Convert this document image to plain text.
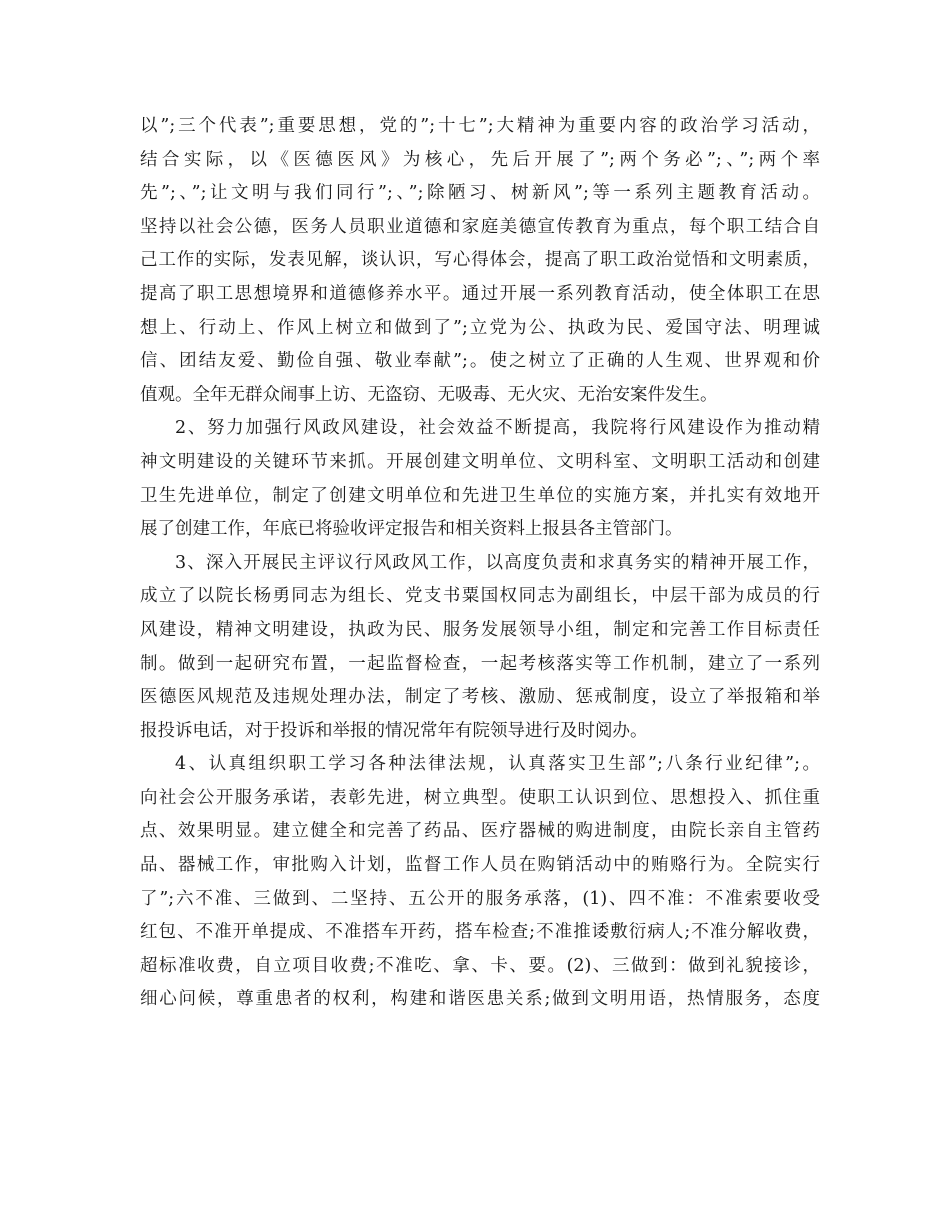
以”;三个代表”;重要思想，党的”;十七”;大精神为重要内容的政治学习活动，
结合实际，以《医德医风》为核心，先后开展了”;两个务必”;、”;两个率
先”;、”;让文明与我们同行”;、”;除陋习、树新风”;等一系列主题教育活动。
坚持以社会公德，医务人员职业道德和家庭美德宣传教育为重点，每个职工结合自
己工作的实际，发表见解，谈认识，写心得体会，提高了职工政治觉悟和文明素质，
提高了职工思想境界和道德修养水平。通过开展一系列教育活动，使全体职工在思
想上、行动上、作风上树立和做到了”;立党为公、执政为民、爱国守法、明理诚
信、团结友爱、勤俭自强、敬业奉献”;。使之树立了正确的人生观、世界观和价
值观。全年无群众闹事上访、无盗窃、无吸毒、无火灾、无治安案件发生。
2、努力加强行风政风建设，社会效益不断提高，我院将行风建设作为推动精
神文明建设的关键环节来抓。开展创建文明单位、文明科室、文明职工活动和创建
卫生先进单位，制定了创建文明单位和先进卫生单位的实施方案，并扎实有效地开
展了创建工作，年底已将验收评定报告和相关资料上报县各主管部门。
3、深入开展民主评议行风政风工作，以高度负责和求真务实的精神开展工作，
成立了以院长杨勇同志为组长、党支书粟国权同志为副组长，中层干部为成员的行
风建设，精神文明建设，执政为民、服务发展领导小组，制定和完善工作目标责任
制。做到一起研究布置，一起监督检查，一起考核落实等工作机制，建立了一系列
医德医风规范及违规处理办法，制定了考核、激励、惩戒制度，设立了举报箱和举
报投诉电话，对于投诉和举报的情况常年有院领导进行及时阅办。
4、认真组织职工学习各种法律法规，认真落实卫生部”;八条行业纪律”;。
向社会公开服务承诺，表彰先进，树立典型。使职工认识到位、思想投入、抓住重
点、效果明显。建立健全和完善了药品、医疗器械的购进制度，由院长亲自主管药
品、器械工作，审批购入计划，监督工作人员在购销活动中的贿赂行为。全院实行
了”;六不准、三做到、二坚持、五公开的服务承落，(1)、四不准：不准索要收受
红包、不准开单提成、不准搭车开药，搭车检查;不准推诿敷衍病人;不准分解收费，
超标准收费，自立项目收费;不准吃、拿、卡、要。(2)、三做到：做到礼貌接诊，
细心问候，尊重患者的权利，构建和谐医患关系;做到文明用语，热情服务，态度
